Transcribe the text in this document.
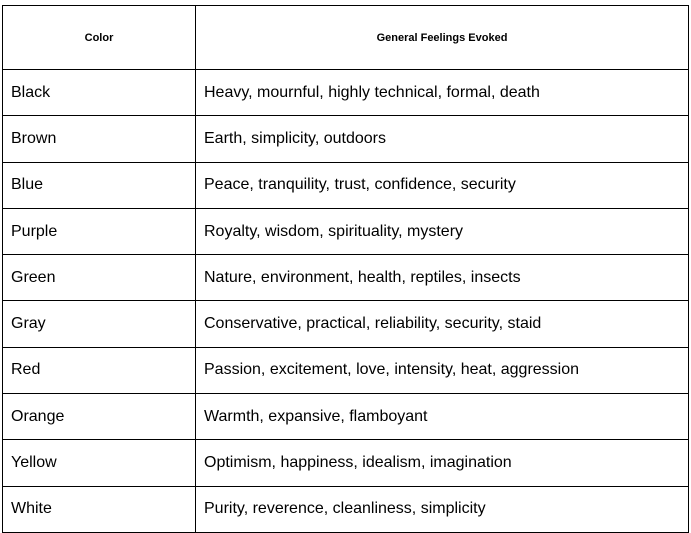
Color	General Feelings Evoked
Black	Heavy, mournful, highly technical, formal, death
Brown	Earth, simplicity, outdoors
Blue	Peace, tranquility, trust, confidence, security
Purple	Royalty, wisdom, spirituality, mystery
Green	Nature, environment, health, reptiles, insects
Gray	Conservative, practical, reliability, security, staid
Red	Passion, excitement, love, intensity, heat, aggression
Orange	Warmth, expansive, flamboyant
Yellow	Optimism, happiness, idealism, imagination
White	Purity, reverence, cleanliness, simplicity
